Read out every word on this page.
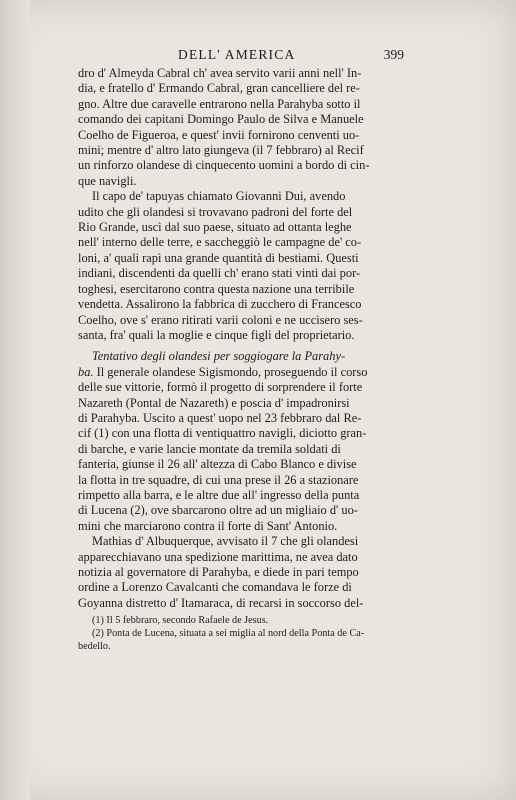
DELL' AMERICA	399
dro d' Almeyda Cabral ch' avea servito varii anni nell' In-
dia, e fratello d' Ermando Cabral, gran cancelliere del re-
gno. Altre due caravelle entrarono nella Parahyba sotto il
comando dei capitani Domingo Paulo de Silva e Manuele
Coelho de Figueroa, e quest' invii fornirono cenventi uo-
mini; mentre d' altro lato giungeva (il 7 febbraro) al Recif
un rinforzo olandese di cinquecento uomini a bordo di cin-
que navigli.
Il capo de' tapuyas chiamato Giovanni Dui, avendo
udito che gli olandesi si trovavano padroni del forte del
Rio Grande, uscì dal suo paese, situato ad ottanta leghe
nell' interno delle terre, e saccheggiò le campagne de' co-
loni, a' quali rapì una grande quantità di bestiami. Questi
indiani, discendenti da quelli ch' erano stati vinti dai por-
toghesi, esercitarono contra questa nazione una terribile
vendetta. Assalirono la fabbrica di zucchero di Francesco
Coelho, ove s' erano ritirati varii coloni e ne uccisero ses-
santa, fra' quali la moglie e cinque figli del proprietario.
Tentativo degli olandesi per soggiogare la Parahy-
ba. Il generale olandese Sigismondo, proseguendo il corso
delle sue vittorie, formò il progetto di sorprendere il forte
Nazareth (Pontal de Nazareth) e poscia d' impadronirsi
di Parahyba. Uscito a quest' uopo nel 23 febbraro dal Re-
cif (1) con una flotta di ventiquattro navigli, diciotto gran-
di barche, e varie lancie montate da tremila soldati di
fanteria, giunse il 26 all' altezza di Cabo Blanco e divise
la flotta in tre squadre, di cui una prese il 26 a stazionare
rimpetto alla barra, e le altre due all' ingresso della punta
di Lucena (2), ove sbarcarono oltre ad un migliaio d' uo-
mini che marciarono contra il forte di Sant' Antonio.
Mathias d' Albuquerque, avvisato il 7 che gli olandesi
apparecchiavano una spedizione marittima, ne avea dato
notizia al governatore di Parahyba, e diede in pari tempo
ordine a Lorenzo Cavalcanti che comandava le forze di
Goyanna distretto d' Itamaraca, di recarsi in soccorso del-
(1) Il 5 febbraro, secondo Rafaele de Jesus.
(2) Ponta de Lucena, situata a sei miglia al nord della Ponta de Ca-
bedello.
